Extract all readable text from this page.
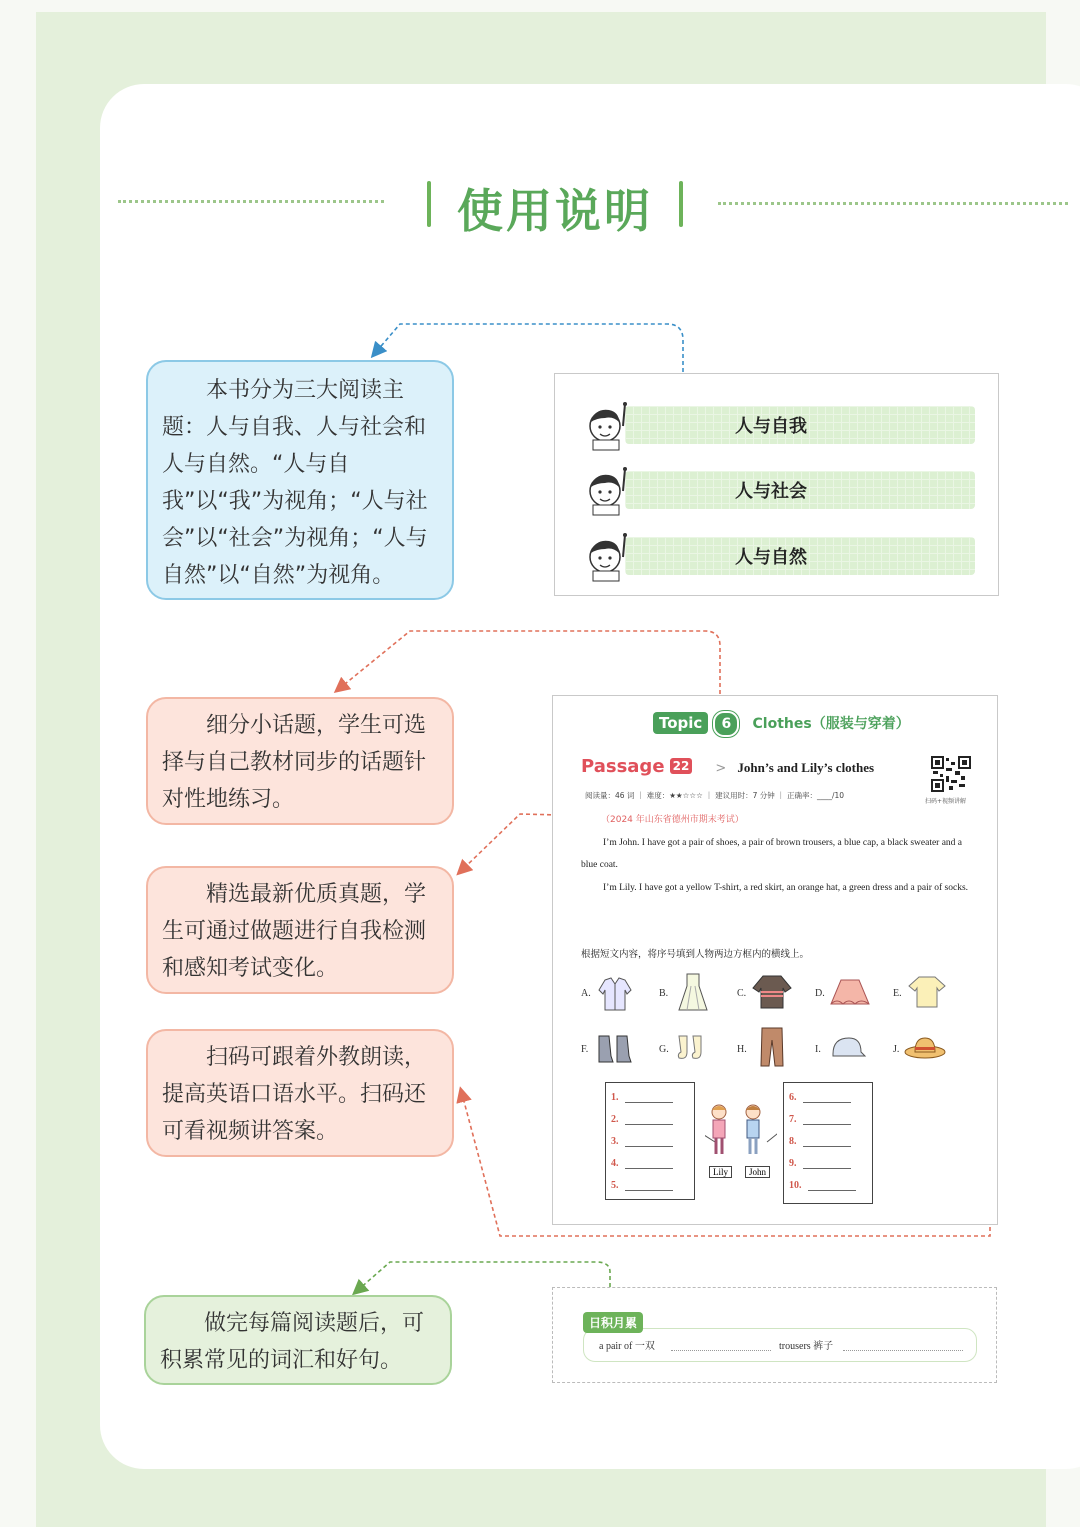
使用说明
本书分为三大阅读主题：人与自我、人与社会和人与自然。“人与自我”以“我”为视角；“人与社会”以“社会”为视角；“人与自然”以“自然”为视角。
细分小话题，学生可选择与自己教材同步的话题针对性地练习。
精选最新优质真题，学生可通过做题进行自我检测和感知考试变化。
扫码可跟着外教朗读，提高英语口语水平。扫码还可看视频讲答案。
做完每篇阅读题后，可积累常见的词汇和好句。
人与自我
人与社会
人与自然
Topic 6 Clothes（服装与穿着）
Passage 22 > John’s and Lily’s clothes
扫码+视频讲解
阅读量：46 词 ｜ 难度：★★☆☆☆ ｜ 建议用时：7 分钟 ｜ 正确率：____/10
（2024 年山东省德州市期末考试）
I’m John. I have got a pair of shoes, a pair of brown trousers, a blue cap, a black sweater and a blue coat.
I’m Lily. I have got a yellow T-shirt, a red skirt, an orange hat, a green dress and a pair of socks.
根据短文内容，将序号填到人物两边方框内的横线上。
A.	B.	C.	D.	E.
F.	G.	H.	I.	J.
1.
2.
3.
4.
5.
6.
7.
8.
9.
10.
Lily	John
日积月累
a pair of 一双	trousers 裤子
